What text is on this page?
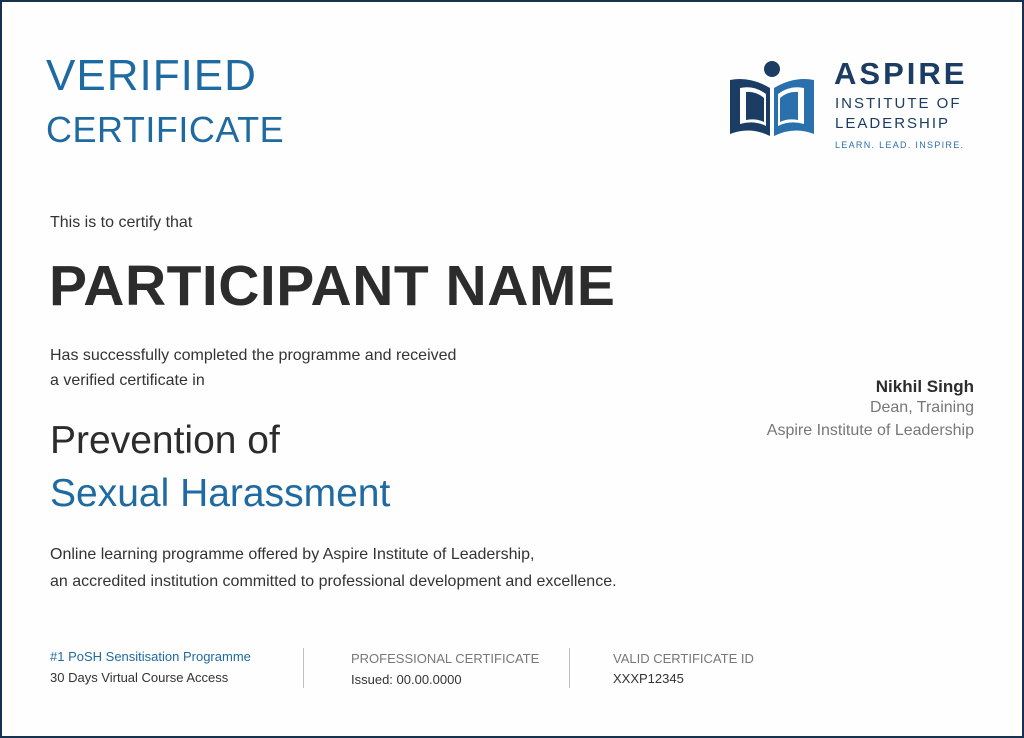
VERIFIED
CERTIFICATE
ASPIRE
INSTITUTE OF
LEADERSHIP
LEARN. LEAD. INSPIRE.
This is to certify that
PARTICIPANT NAME
Has successfully completed the programme and received
a verified certificate in
Prevention of
Sexual Harassment
Online learning programme offered by Aspire Institute of Leadership,
an accredited institution committed to professional development and excellence.
Nikhil Singh
Dean, Training
Aspire Institute of Leadership
#1 PoSH Sensitisation Programme
30 Days Virtual Course Access
PROFESSIONAL CERTIFICATE
Issued: 00.00.0000
VALID CERTIFICATE ID
XXXP12345
